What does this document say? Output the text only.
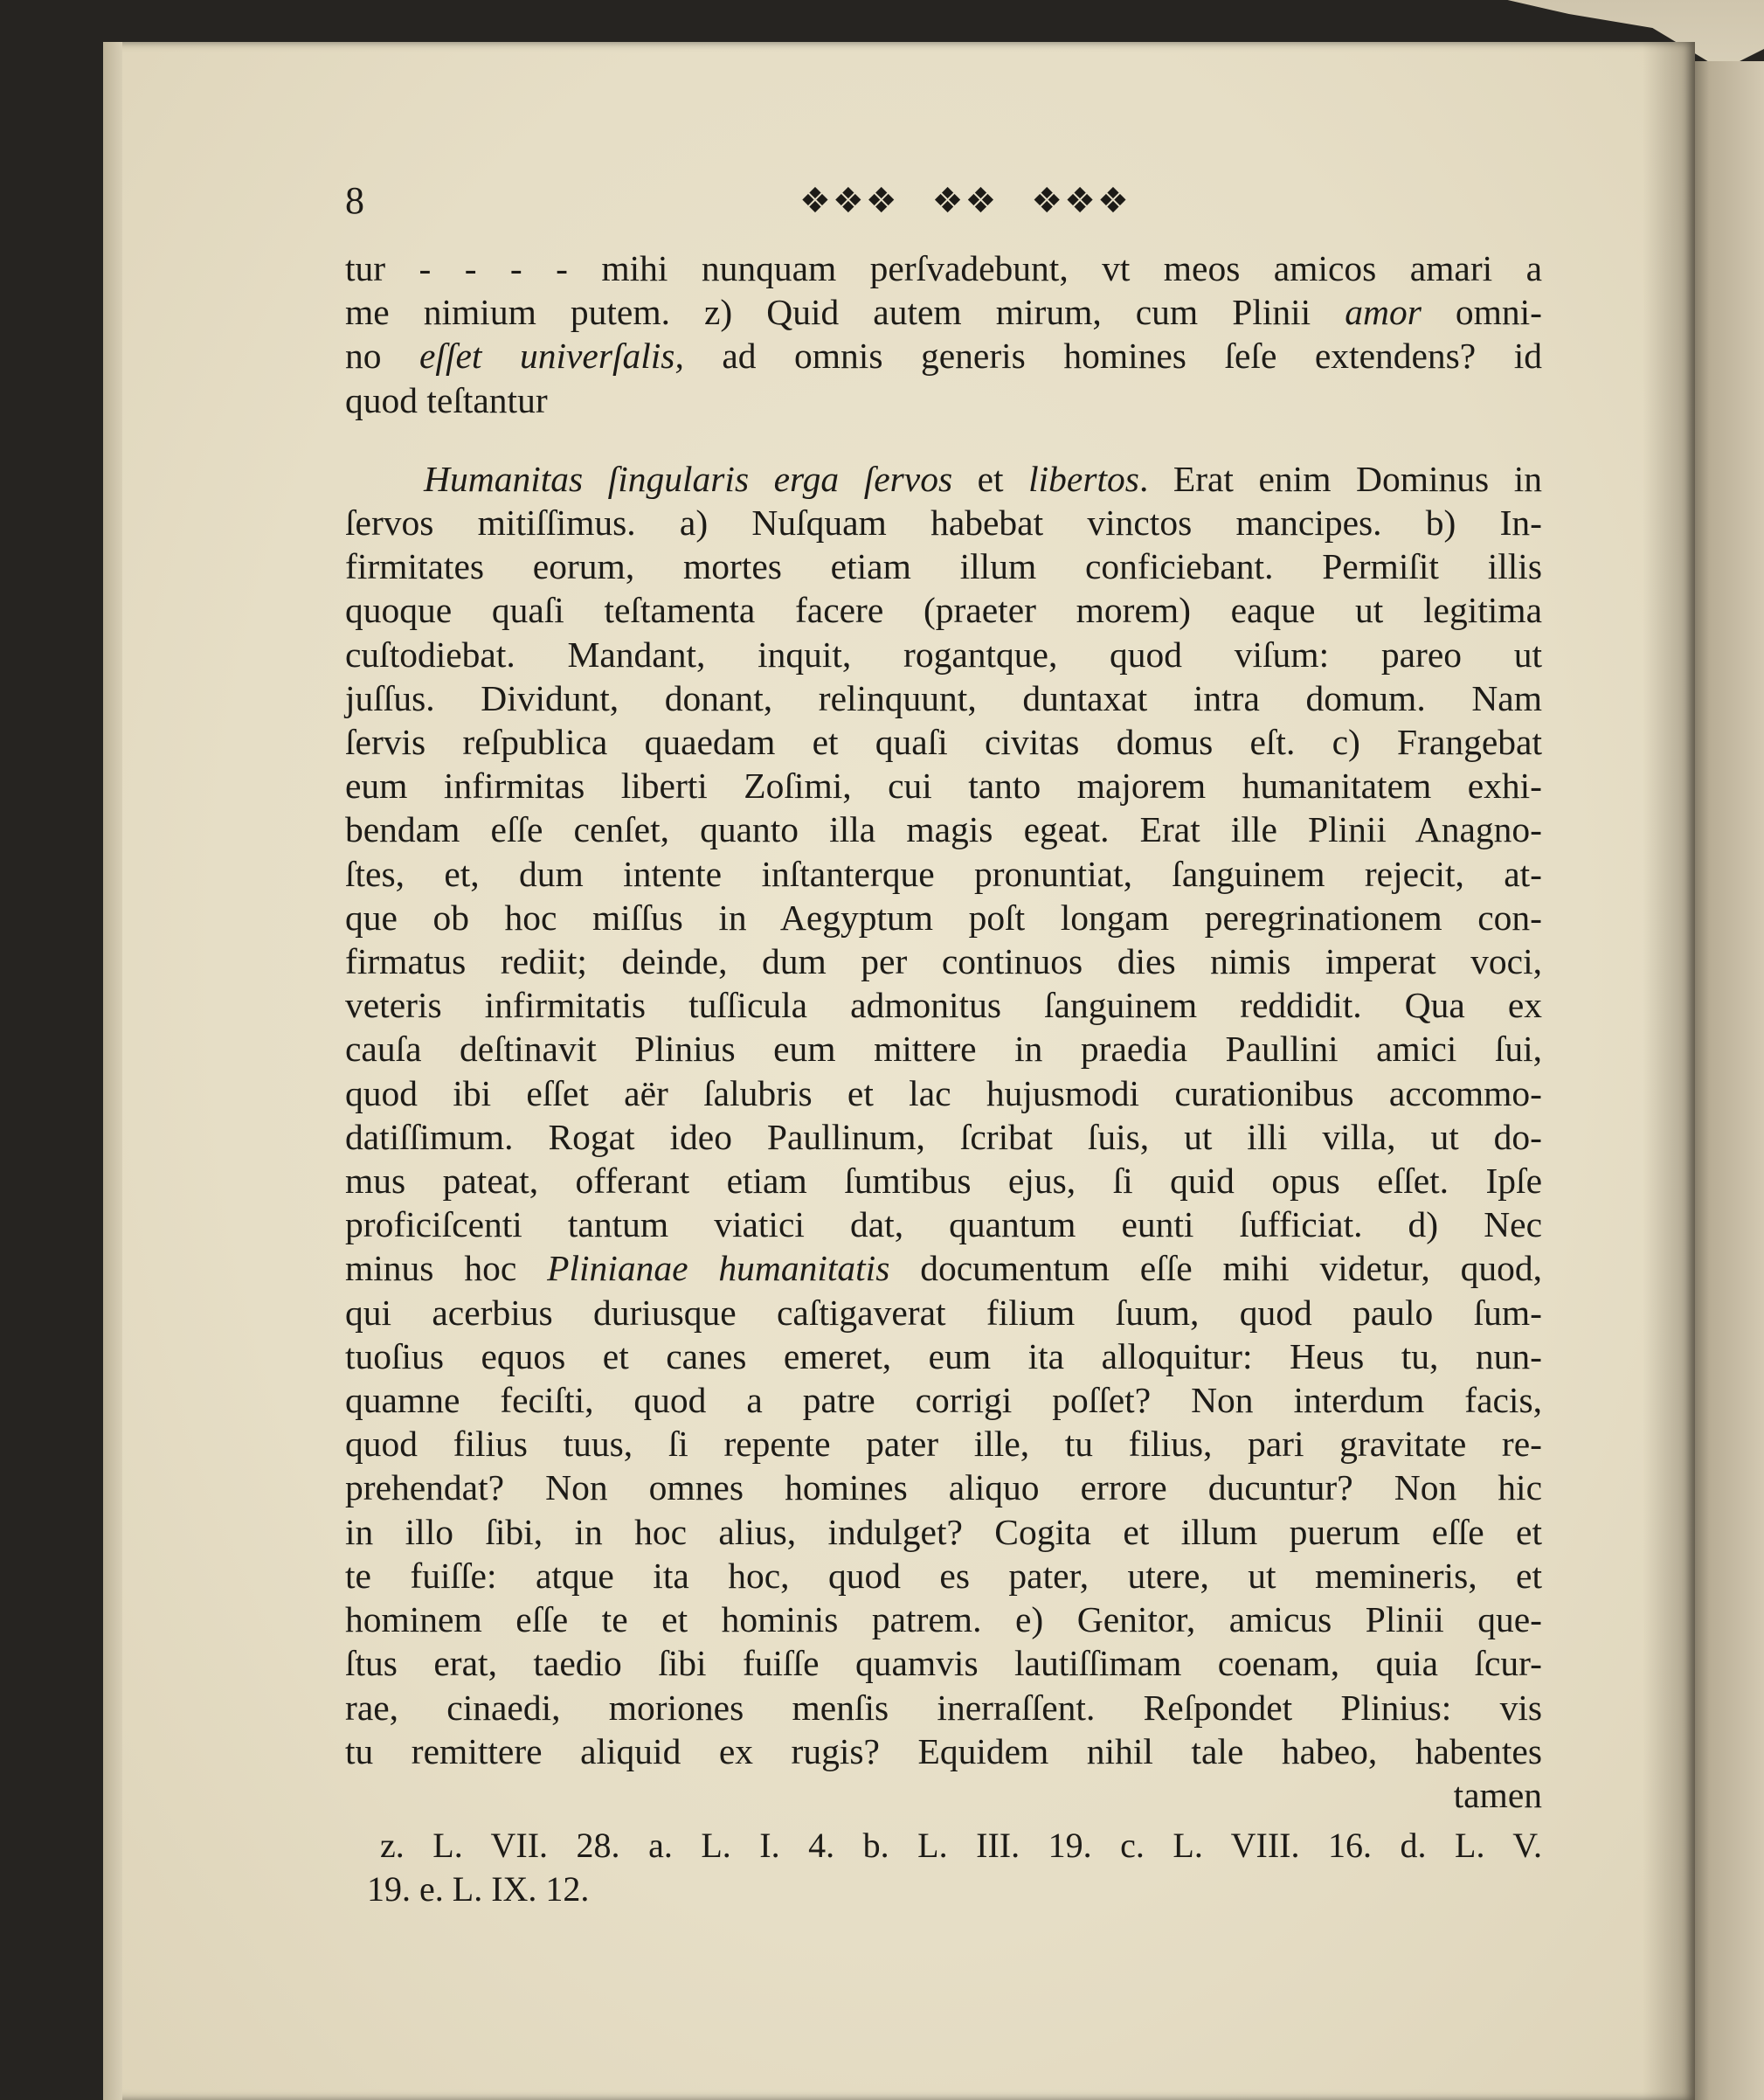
8	❖❖❖ ❖❖ ❖❖❖
tur - - - - mihi nunquam perſvadebunt, vt meos amicos amari a
me nimium putem. z) Quid autem mirum, cum Plinii amor omni-
no eſſet univerſalis, ad omnis generis homines ſeſe extendens? id
quod teſtantur
Humanitas ſingularis erga ſervos et libertos. Erat enim Dominus in
ſervos mitiſſimus. a) Nuſquam habebat vinctos mancipes. b) In-
firmitates eorum, mortes etiam illum conficiebant. Permiſit illis
quoque quaſi teſtamenta facere (praeter morem) eaque ut legitima
cuſtodiebat. Mandant, inquit, rogantque, quod viſum: pareo ut
juſſus. Dividunt, donant, relinquunt, duntaxat intra domum. Nam
ſervis reſpublica quaedam et quaſi civitas domus eſt. c) Frangebat
eum infirmitas liberti Zoſimi, cui tanto majorem humanitatem exhi-
bendam eſſe cenſet, quanto illa magis egeat. Erat ille Plinii Anagno-
ſtes, et, dum intente inſtanterque pronuntiat, ſanguinem rejecit, at-
que ob hoc miſſus in Aegyptum poſt longam peregrinationem con-
firmatus rediit; deinde, dum per continuos dies nimis imperat voci,
veteris infirmitatis tuſſicula admonitus ſanguinem reddidit. Qua ex
cauſa deſtinavit Plinius eum mittere in praedia Paullini amici ſui,
quod ibi eſſet aër ſalubris et lac hujusmodi curationibus accommo-
datiſſimum. Rogat ideo Paullinum, ſcribat ſuis, ut illi villa, ut do-
mus pateat, offerant etiam ſumtibus ejus, ſi quid opus eſſet. Ipſe
proficiſcenti tantum viatici dat, quantum eunti ſufficiat. d) Nec
minus hoc Plinianae humanitatis documentum eſſe mihi videtur, quod,
qui acerbius duriusque caſtigaverat filium ſuum, quod paulo ſum-
tuoſius equos et canes emeret, eum ita alloquitur: Heus tu, nun-
quamne feciſti, quod a patre corrigi poſſet? Non interdum facis,
quod filius tuus, ſi repente pater ille, tu filius, pari gravitate re-
prehendat? Non omnes homines aliquo errore ducuntur? Non hic
in illo ſibi, in hoc alius, indulget? Cogita et illum puerum eſſe et
te fuiſſe: atque ita hoc, quod es pater, utere, ut memineris, et
hominem eſſe te et hominis patrem. e) Genitor, amicus Plinii que-
ſtus erat, taedio ſibi fuiſſe quamvis lautiſſimam coenam, quia ſcur-
rae, cinaedi, moriones menſis inerraſſent. Reſpondet Plinius: vis
tu remittere aliquid ex rugis? Equidem nihil tale habeo, habentes
tamen
z. L. VII. 28. a. L. I. 4. b. L. III. 19. c. L. VIII. 16. d. L. V.
19. e. L. IX. 12.
